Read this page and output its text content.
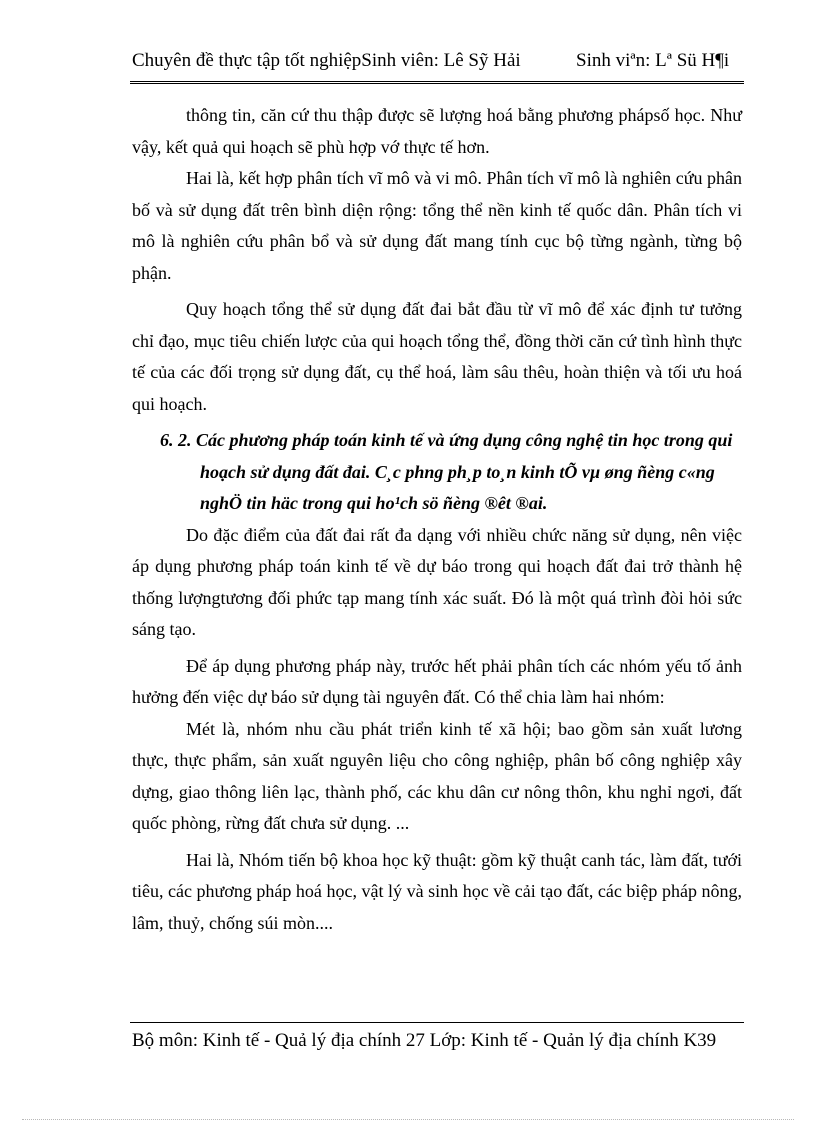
Chuyên đề thực tập tốt nghiệpSinh viên: Lê Sỹ Hải	Sinh viªn: Lª Sü H¶i

thông tin, căn cứ thu thập được sẽ lượng hoá bằng phương phápsố học. Như vậy, kết quả qui hoạch sẽ phù hợp vớ thực tế hơn.

Hai là, kết hợp phân tích vĩ mô và vi mô. Phân tích vĩ mô là nghiên cứu phân bố và sử dụng đất trên bình diện rộng: tổng thể nền kinh tế quốc dân. Phân tích vi mô là nghiên cứu phân bổ và sử dụng đất mang tính cục bộ từng ngành, từng bộ phận.

Quy hoạch tổng thể sử dụng đất đai bắt đầu từ vĩ mô để xác định tư tưởng chỉ đạo, mục tiêu chiến lược của qui hoạch tổng thể, đồng thời căn cứ tình hình thực tế của các đối trọng sử dụng đất, cụ thể hoá, làm sâu thêu, hoàn thiện và tối ưu hoá qui hoạch.

6. 2. Các phương pháp toán kinh tế và ứng dụng công nghệ tin học trong qui hoạch sử dụng đất đai. C¸c phng ph¸p to¸n kinh tÕ vµ øng ñèng c«ng nghÖ tin häc trong qui ho¹ch sö ñèng ®êt ®ai.

Do đặc điểm của đất đai rất đa dạng với nhiều chức năng sử dụng, nên việc áp dụng phương pháp toán kinh tế về dự báo trong qui hoạch đất đai trở thành hệ thống lượngtương đối phức tạp mang tính xác suất. Đó là một quá trình đòi hỏi sức sáng tạo.

Để áp dụng phương pháp này, trước hết phải phân tích các nhóm yếu tố ảnh hưởng đến việc dự báo sử dụng tài nguyên đất. Có thể chia làm hai nhóm:

Mét là, nhóm nhu cầu phát triển kinh tế xã hội; bao gồm sản xuất lương thực, thực phẩm, sản xuất nguyên liệu cho công nghiệp, phân bố công nghiệp xây dựng, giao thông liên lạc, thành phố, các khu dân cư nông thôn, khu nghỉ ngơi, đất quốc phòng, rừng đất chưa sử dụng. ...

Hai là, Nhóm tiến bộ khoa học kỹ thuật: gồm kỹ thuật canh tác, làm đất, tưới tiêu, các phương pháp hoá học, vật lý và sinh học về cải tạo đất, các biệp pháp nông, lâm, thuỷ, chống súi mòn....

Bộ môn: Kinh tế - Quả lý địa chính 27 Lớp: Kinh tế - Quản lý địa chính K39
